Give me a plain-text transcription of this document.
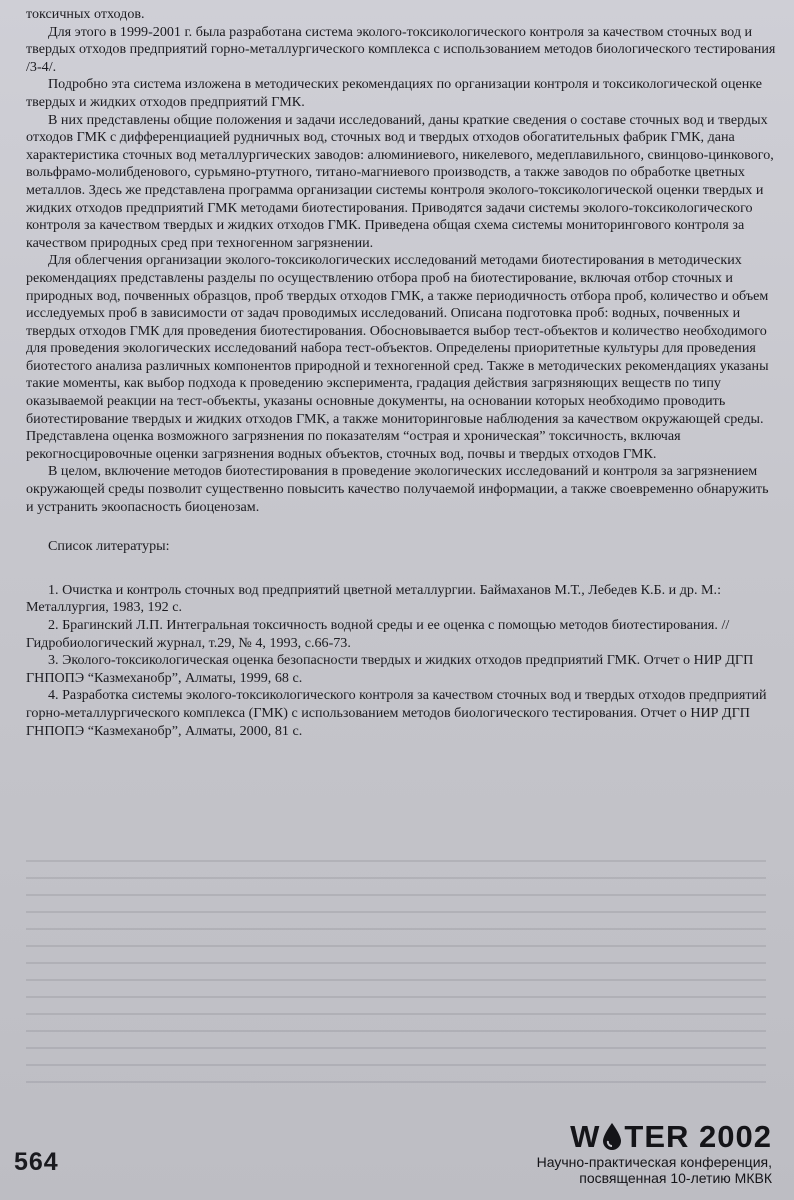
токсичных отходов.

Для этого в 1999-2001 г. была разработана система эколого-токсикологического контроля за качеством сточных вод и твердых отходов предприятий горно-металлургического комплекса с использованием методов биологического тестирования /3-4/.

Подробно эта система изложена в методических рекомендациях по организации контроля и токсикологической оценке твердых и жидких отходов предприятий ГМК.

В них представлены общие положения и задачи исследований, даны краткие сведения о составе сточных вод и твердых отходов ГМК с дифференциацией рудничных вод, сточных вод и твердых отходов обогатительных фабрик ГМК, дана характеристика сточных вод металлургических заводов: алюминиевого, никелевого, медеплавильного, свинцово-цинкового, вольфрамо-молибденового, сурьмяно-ртутного, титано-магниевого производств, а также заводов по обработке цветных металлов. Здесь же представлена программа организации системы контроля эколого-токсикологической оценки твердых и жидких отходов предприятий ГМК методами биотестирования. Приводятся задачи системы эколого-токсикологического контроля за качеством твердых и жидких отходов ГМК. Приведена общая схема системы мониторингового контроля за качеством природных сред при техногенном загрязнении.

Для облегчения организации эколого-токсикологических исследований методами биотестирования в методических рекомендациях представлены разделы по осуществлению отбора проб на биотестирование, включая отбор сточных и природных вод, почвенных образцов, проб твердых отходов ГМК, а также периодичность отбора проб, количество и объем исследуемых проб в зависимости от задач проводимых исследований. Описана подготовка проб: водных, почвенных и твердых отходов ГМК для проведения биотестирования. Обосновывается выбор тест-объектов и количество необходимого для проведения экологических исследований набора тест-объектов. Определены приоритетные культуры для проведения биотестого анализа различных компонентов природной и техногенной сред. Также в методических рекомендациях указаны такие моменты, как выбор подхода к проведению эксперимента, градация действия загрязняющих веществ по типу оказываемой реакции на тест-объекты, указаны основные документы, на основании которых необходимо проводить биотестирование твердых и жидких отходов ГМК, а также мониторинговые наблюдения за качеством окружающей среды. Представлена оценка возможного загрязнения по показателям “острая и хроническая” токсичность, включая рекогносцировочные оценки загрязнения водных объектов, сточных вод, почвы и твердых отходов ГМК.

В целом, включение методов биотестирования в проведение экологических исследований и контроля за загрязнением окружающей среды позволит существенно повысить качество получаемой информации, а также своевременно обнаружить и устранить экоопасность биоценозам.

Список литературы:

1. Очистка и контроль сточных вод предприятий цветной металлургии. Баймаханов М.Т., Лебедев К.Б. и др. М.: Металлургия, 1983, 192 с.

2. Брагинский Л.П. Интегральная токсичность водной среды и ее оценка с помощью методов биотестирования. //Гидробиологический журнал, т.29, № 4, 1993, с.66-73.

3. Эколого-токсикологическая оценка безопасности твердых и жидких отходов предприятий ГМК. Отчет о НИР ДГП ГНПОПЭ “Казмеханобр”, Алматы, 1999, 68 с.

4. Разработка системы эколого-токсикологического контроля за качеством сточных вод и твердых отходов предприятий горно-металлургического комплекса (ГМК) с использованием методов биологического тестирования. Отчет о НИР ДГП ГНПОПЭ “Казмеханобр”, Алматы, 2000, 81 с.

564
W TER 2002
Научно-практическая конференция,
посвященная 10-летию МКВК
